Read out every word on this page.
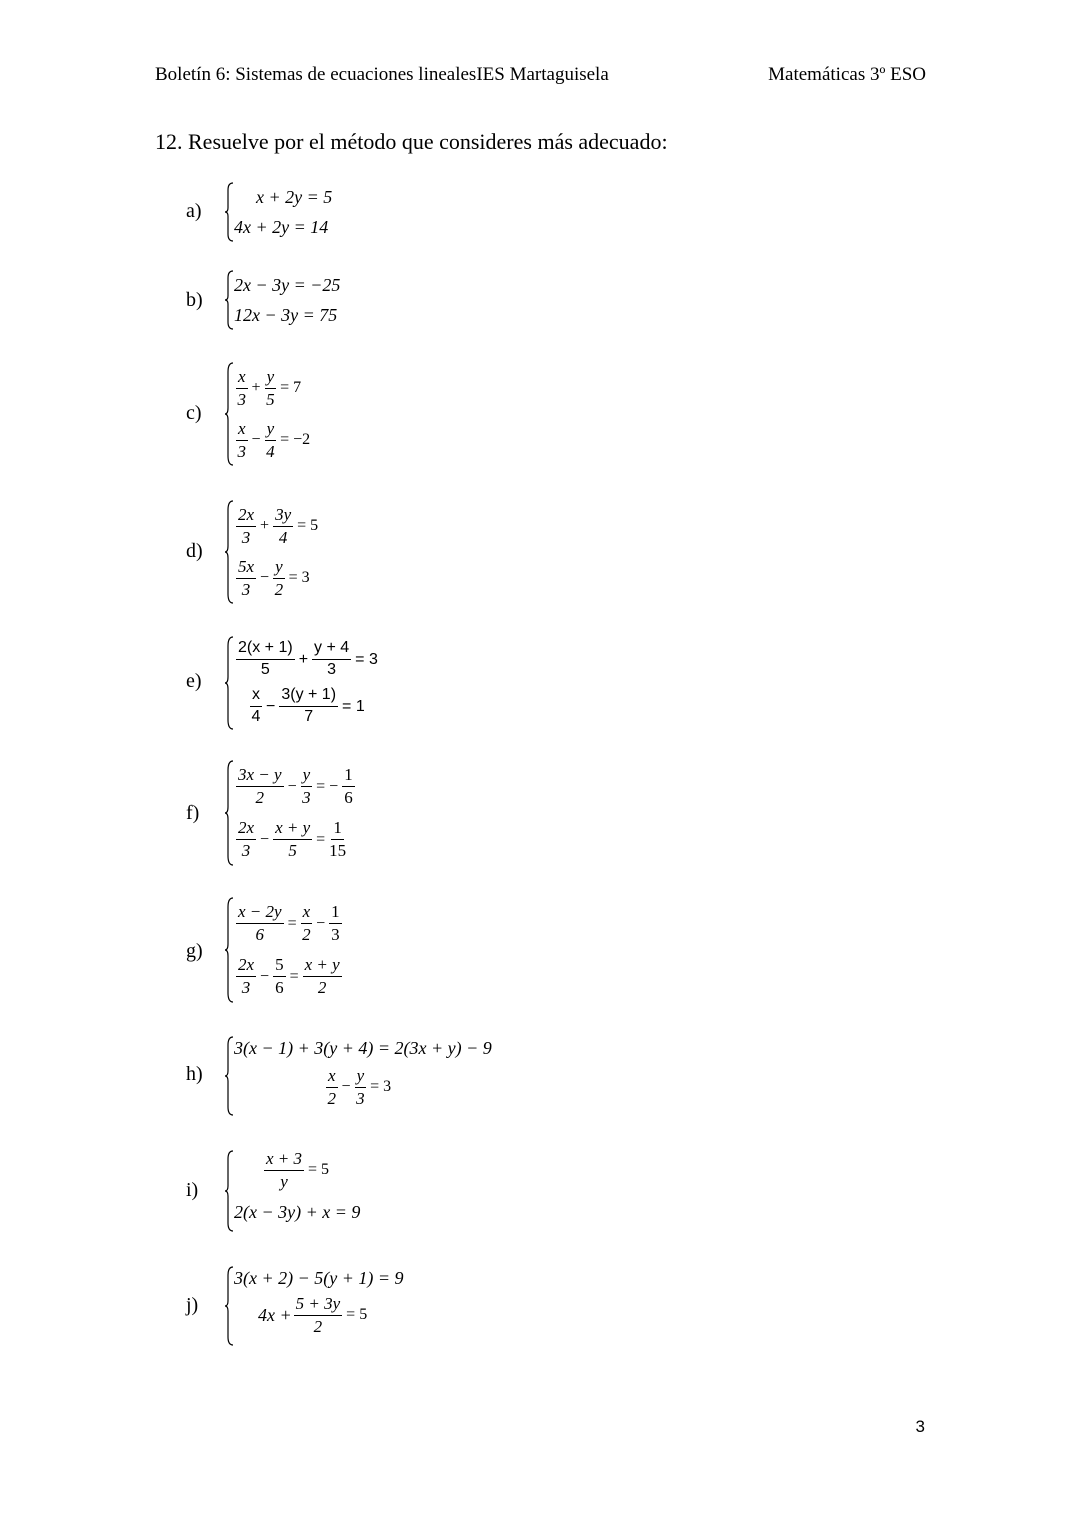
Boletín 6: Sistemas de ecuaciones linealesIES Martaguisela	Matemáticas 3º ESO
12. Resuelve por el método que consideres más adecuado:
a)
x + 2y = 5
4x + 2y = 14
b)
2x − 3y = −25
12x − 3y = 75
c)
$\frac{x}{3} + \frac{y}{5} = 7$
$\frac{x}{3} - \frac{y}{4} = -2$
d)
$\frac{2x}{3} + \frac{3y}{4} = 5$
$\frac{5x}{3} - \frac{y}{2} = 3$
e)
$\frac{2(x + 1)}{5} + \frac{y + 4}{3} = 3$
$\frac{x}{4} - \frac{3(y + 1)}{7} = 1$
f)
$\frac{3x - y}{2} - \frac{y}{3}$ = − $\frac{1}{6}$
$\frac{2x}{3} - \frac{x + y}{5} = \frac{1}{15}$
g)
$\frac{x - 2y}{6} = \frac{x}{2} - \frac{1}{3}$
$\frac{2x}{3} - \frac{5}{6} = \frac{x + y}{2}$
h)
3(x − 1) + 3(y + 4) = 2(3x + y) − 9
$\frac{x}{2} - \frac{y}{3} = 3$
i)	$\frac{x + 3}{y} = 5$
2(x − 3y) + x = 9
j)
3(x + 2) − 5(y + 1) = 9
$4x + \frac{5 + 3y}{2} = 5$
3
